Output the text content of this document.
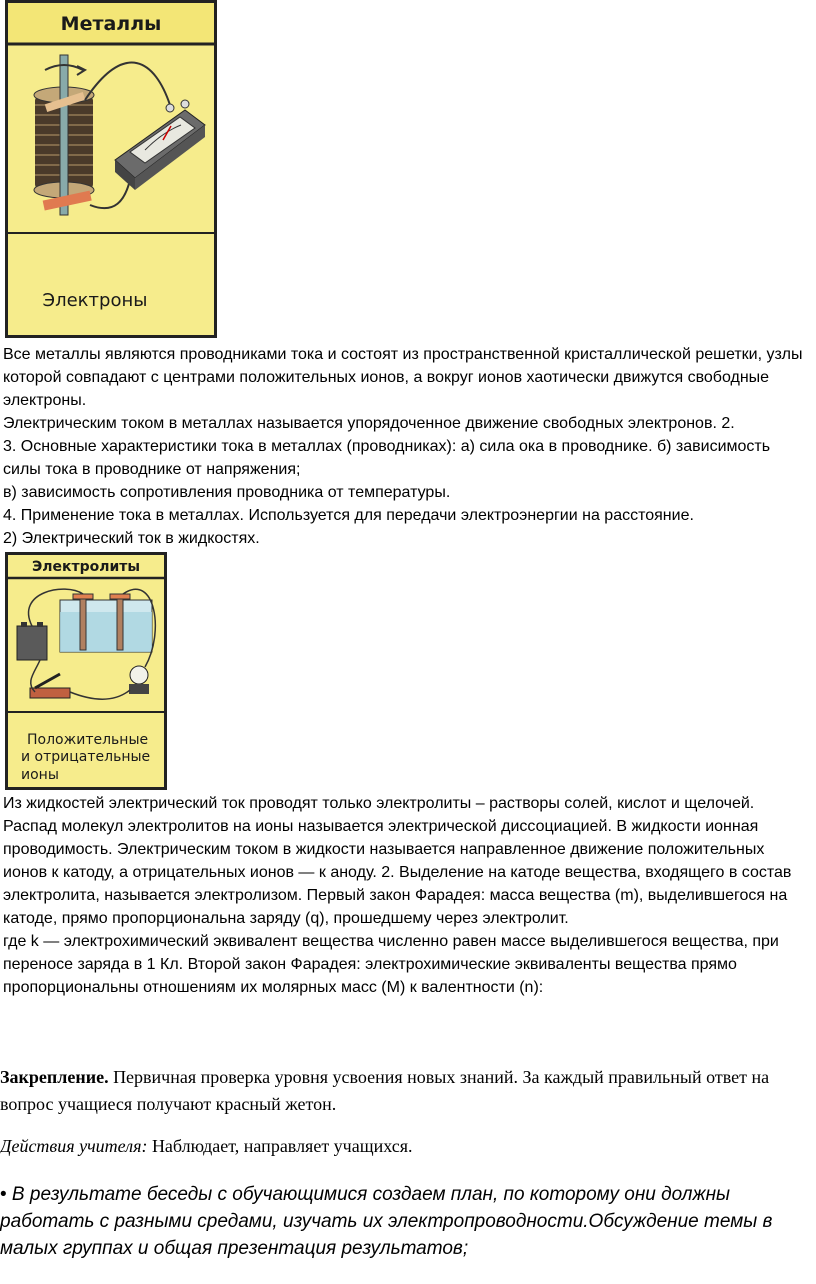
Металлы
Электроны

Все металлы являются проводниками тока и состоят из пространственной кристаллической решетки, узлы которой совпадают с центрами положительных ионов, а вокруг ионов хаотически движутся свободные электроны.

Электрическим током в металлах называется упорядоченное движение свободных электронов. 2.

3. Основные характеристики тока в металлах (проводниках): а) сила ока в проводнике. б) зависимость силы тока в проводнике от напряжения;

в) зависимость сопротивления проводника от температуры.

4. Применение тока в металлах. Используется для передачи электроэнергии на расстояние.

2) Электрический ток в жидкостях.

Электролиты
Положительные
и отрицательные
ионы

Из жидкостей электрический ток проводят только электролиты – растворы солей, кислот и щелочей. Распад молекул электролитов на ионы называется электрической диссоциацией. В жидкости ионная проводимость. Электрическим током в жидкости называется направленное движение положительных ионов к катоду, а отрицательных ионов — к аноду. 2. Выделение на катоде вещества, входящего в состав электролита, называется электролизом. Первый закон Фарадея: масса вещества (m), выделившегося на катоде, прямо пропорциональна заряду (q), прошедшему через электролит.

где k — электрохимический эквивалент вещества численно равен массе выделившегося вещества, при переносе заряда в 1 Кл. Второй закон Фарадея: электрохимические эквиваленты вещества прямо пропорциональны отношениям их молярных масс (M) к валентности (n):

Закрепление. Первичная проверка уровня усвоения новых знаний. За каждый правильный ответ на вопрос учащиеся получают красный жетон.
Действия учителя: Наблюдает, направляет учащихся.
• В результате беседы с обучающимися создаем план, по которому они должны работать с разными средами, изучать их электропроводности.Обсуждение темы в малых группах и общая презентация результатов;
